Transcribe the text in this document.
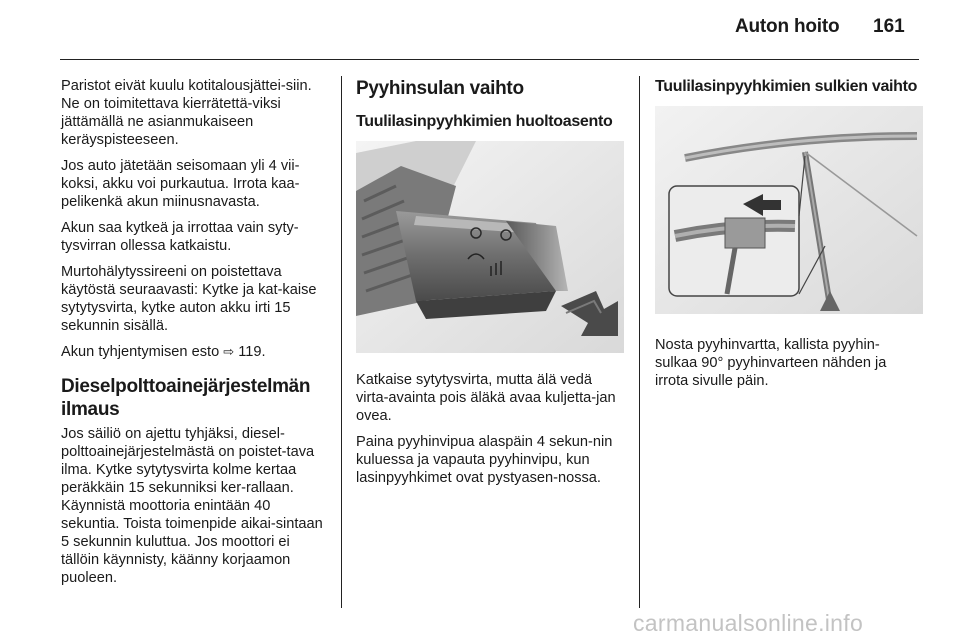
Auton hoito 161

Paristot eivät kuulu kotitalousjättei-siin. Ne on toimitettava kierrätettä-viksi jättämällä ne asianmukaiseen keräyspisteeseen.

Jos auto jätetään seisomaan yli 4 vii-koksi, akku voi purkautua. Irrota kaa-pelikenkä akun miinusnavasta.

Akun saa kytkeä ja irrottaa vain syty-tysvirran ollessa katkaistu.

Murtohälytyssireeni on poistettava käytöstä seuraavasti: Kytke ja kat-kaise sytytysvirta, kytke auton akku irti 15 sekunnin sisällä.

Akun tyhjentymisen esto ⇨ 119.

Dieselpolttoainejärjestelmän ilmaus

Jos säiliö on ajettu tyhjäksi, diesel-polttoainejärjestelmästä on poistet-tava ilma. Kytke sytytysvirta kolme kertaa peräkkäin 15 sekunniksi ker-rallaan. Käynnistä moottoria enintään 40 sekuntia. Toista toimenpide aikai-sintaan 5 sekunnin kuluttua. Jos moottori ei tällöin käynnisty, käänny korjaamon puoleen.

Pyyhinsulan vaihto
Tuulilasinpyyhkimien huoltoasento

Katkaise sytytysvirta, mutta älä vedä virta-avainta pois äläkä avaa kuljetta-jan ovea.

Paina pyyhinvipua alaspäin 4 sekun-nin kuluessa ja vapauta pyyhinvipu, kun lasinpyyhkimet ovat pystyasen-nossa.

Tuulilasinpyyhkimien sulkien vaihto

Nosta pyyhinvartta, kallista pyyhin-sulkaa 90° pyyhinvarteen nähden ja irrota sivulle päin.

carmanualsonline.info
